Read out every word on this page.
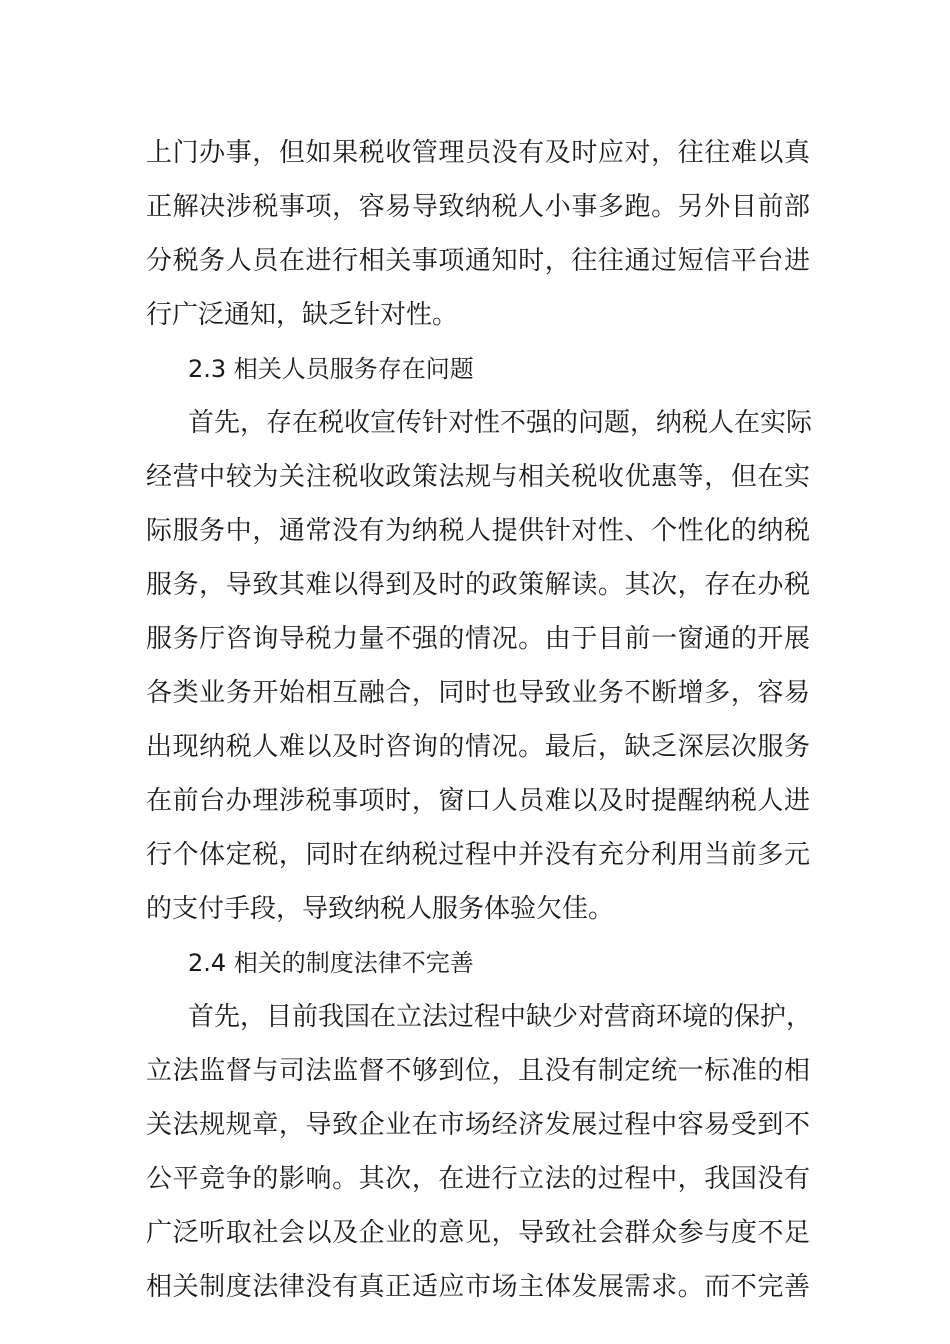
上门办事，但如果税收管理员没有及时应对，往往难以真
正解决涉税事项，容易导致纳税人小事多跑。另外目前部
分税务人员在进行相关事项通知时，往往通过短信平台进
行广泛通知，缺乏针对性。
2.3 相关人员服务存在问题
首先，存在税收宣传针对性不强的问题，纳税人在实际
经营中较为关注税收政策法规与相关税收优惠等，但在实
际服务中，通常没有为纳税人提供针对性、个性化的纳税
服务，导致其难以得到及时的政策解读。其次，存在办税
服务厅咨询导税力量不强的情况。由于目前一窗通的开展
各类业务开始相互融合，同时也导致业务不断增多，容易
出现纳税人难以及时咨询的情况。最后，缺乏深层次服务
在前台办理涉税事项时，窗口人员难以及时提醒纳税人进
行个体定税，同时在纳税过程中并没有充分利用当前多元
的支付手段，导致纳税人服务体验欠佳。
2.4 相关的制度法律不完善
首先，目前我国在立法过程中缺少对营商环境的保护，
立法监督与司法监督不够到位，且没有制定统一标准的相
关法规规章，导致企业在市场经济发展过程中容易受到不
公平竞争的影响。其次，在进行立法的过程中，我国没有
广泛听取社会以及企业的意见，导致社会群众参与度不足
相关制度法律没有真正适应市场主体发展需求。而不完善
